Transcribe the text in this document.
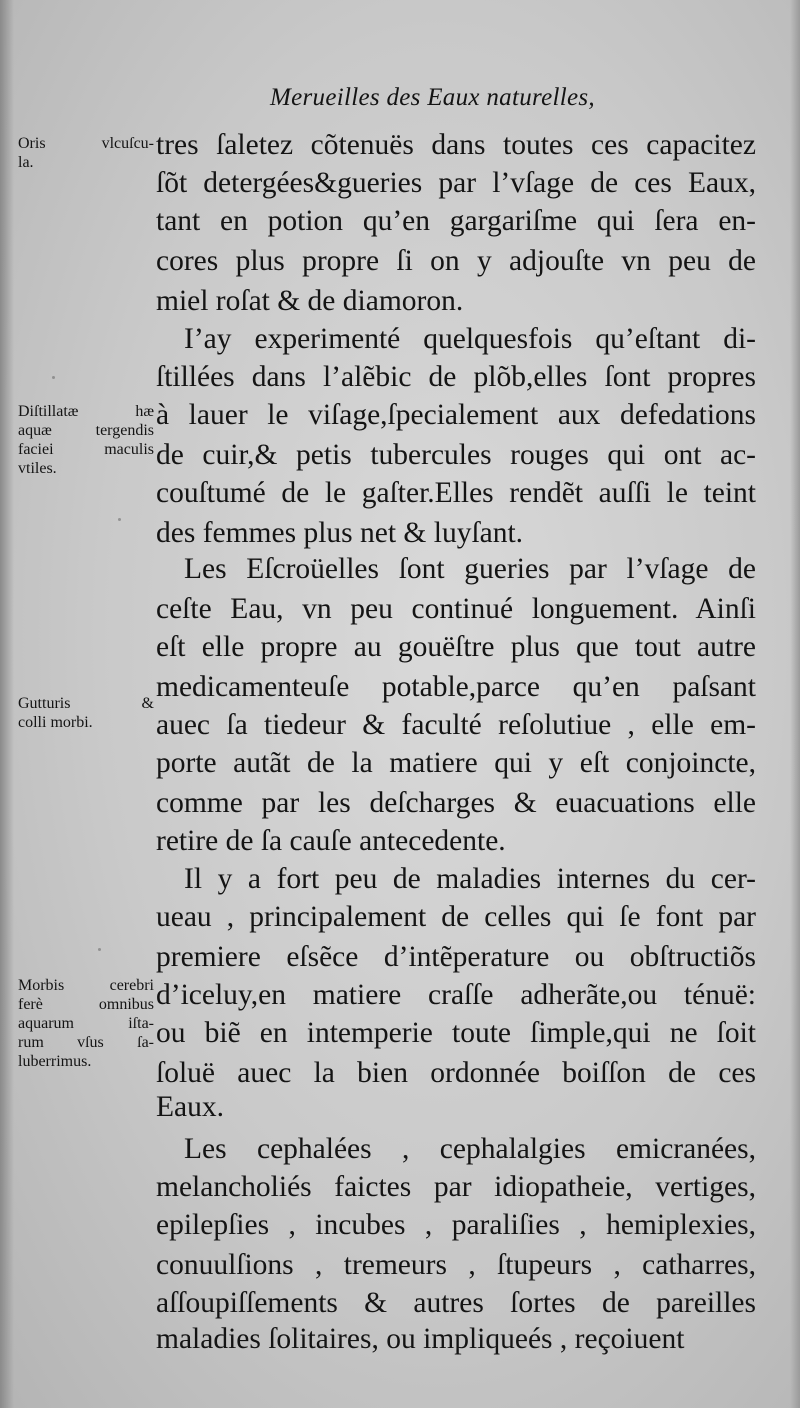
Merueilles des Eaux naturelles,
tres ſaletez cõtenuës dans toutes ces capacitez
ſõt detergées&gueries par l’vſage de ces Eaux,
tant en potion qu’en gargariſme qui ſera en-
cores plus propre ſi on y adjouſte vn peu de
miel roſat & de diamoron.
I’ay experimenté quelquesfois qu’eſtant di-
ſtillées dans l’alẽbic de plõb,elles ſont propres
à lauer le viſage,ſpecialement aux defedations
de cuir,& petis tubercules rouges qui ont ac-
couſtumé de le gaſter.Elles rendẽt auſſi le teint
des femmes plus net & luyſant.
Les Eſcroüelles ſont gueries par l’vſage de
ceſte Eau, vn peu continué longuement. Ainſi
eſt elle propre au gouëſtre plus que tout autre
medicamenteuſe potable,parce qu’en paſsant
auec ſa tiedeur & faculté reſolutiue , elle em-
porte autãt de la matiere qui y eſt conjoincte,
comme par les deſcharges & euacuations elle
retire de ſa cauſe antecedente.
Il y a fort peu de maladies internes du cer-
ueau , principalement de celles qui ſe font par
premiere eſsẽce d’intẽperature ou obſtructiõs
d’iceluy,en matiere craſſe adherãte,ou ténuë:
ou biẽ en intemperie toute ſimple,qui ne ſoit
ſoluë auec la bien ordonnée boiſſon de ces
Eaux.
Les cephalées , cephalalgies emicranées,
melancholiés faictes par idiopatheie, vertiges,
epilepſies , incubes , paraliſies , hemiplexies,
conuulſions , tremeurs , ſtupeurs , catharres,
aſſoupiſſements & autres ſortes de pareilles
maladies ſolitaires, ou impliqueés , reçoiuent
Oris vlcuſcu-
la.
Diſtillatæ hæ
aquæ tergendis
faciei maculis
vtiles.
Gutturis &
colli morbi.
Morbis cerebri
ferè omnibus
aquarum iſta-
rum vſus ſa-
luberrimus.
